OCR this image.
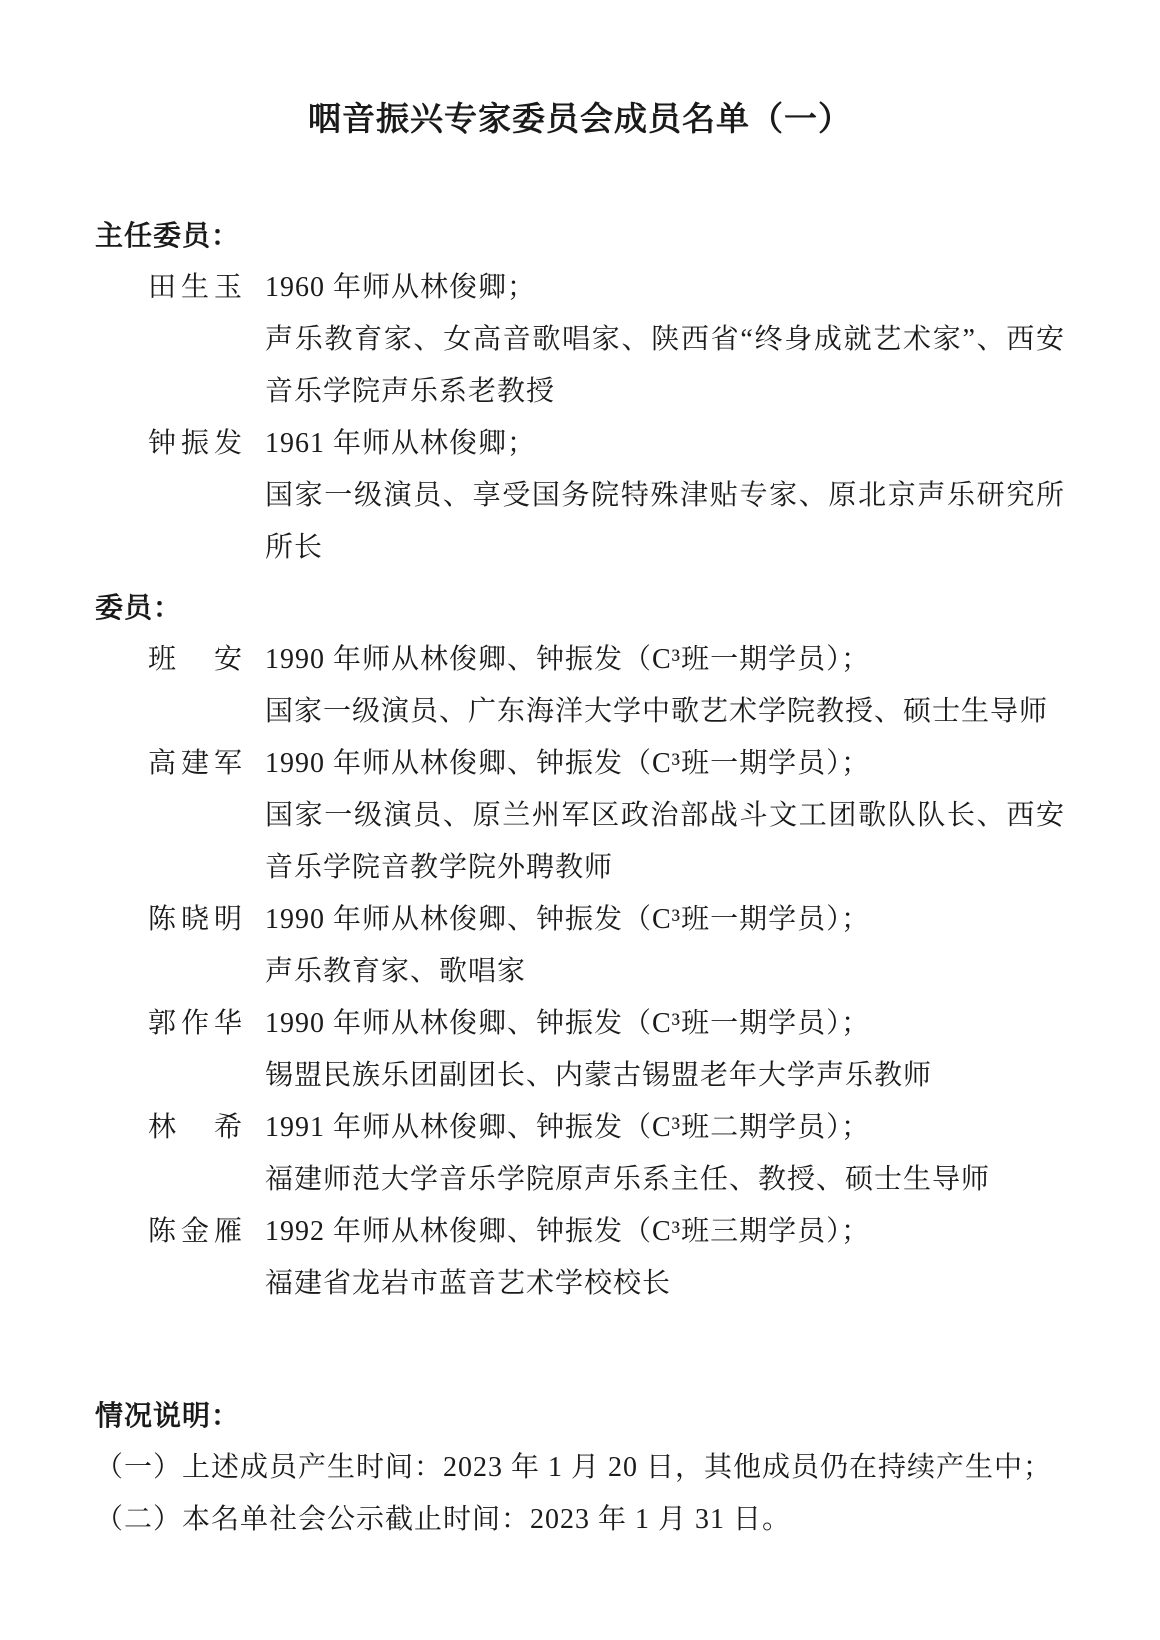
咽音振兴专家委员会成员名单（一）
主任委员：
田生玉 1960 年师从林俊卿；
声乐教育家、女高音歌唱家、陕西省“终身成就艺术家”、西安音乐学院声乐系老教授
钟振发 1961 年师从林俊卿；
国家一级演员、享受国务院特殊津贴专家、原北京声乐研究所所长
委员：
班　安 1990 年师从林俊卿、钟振发（C³班一期学员）；
国家一级演员、广东海洋大学中歌艺术学院教授、硕士生导师
高建军 1990 年师从林俊卿、钟振发（C³班一期学员）；
国家一级演员、原兰州军区政治部战斗文工团歌队队长、西安音乐学院音教学院外聘教师
陈晓明 1990 年师从林俊卿、钟振发（C³班一期学员）；
声乐教育家、歌唱家
郭作华 1990 年师从林俊卿、钟振发（C³班一期学员）；
锡盟民族乐团副团长、内蒙古锡盟老年大学声乐教师
林　希 1991 年师从林俊卿、钟振发（C³班二期学员）；
福建师范大学音乐学院原声乐系主任、教授、硕士生导师
陈金雁 1992 年师从林俊卿、钟振发（C³班三期学员）；
福建省龙岩市蓝音艺术学校校长
情况说明：

（一）上述成员产生时间：2023 年 1 月 20 日，其他成员仍在持续产生中；

（二）本名单社会公示截止时间：2023 年 1 月 31 日。
